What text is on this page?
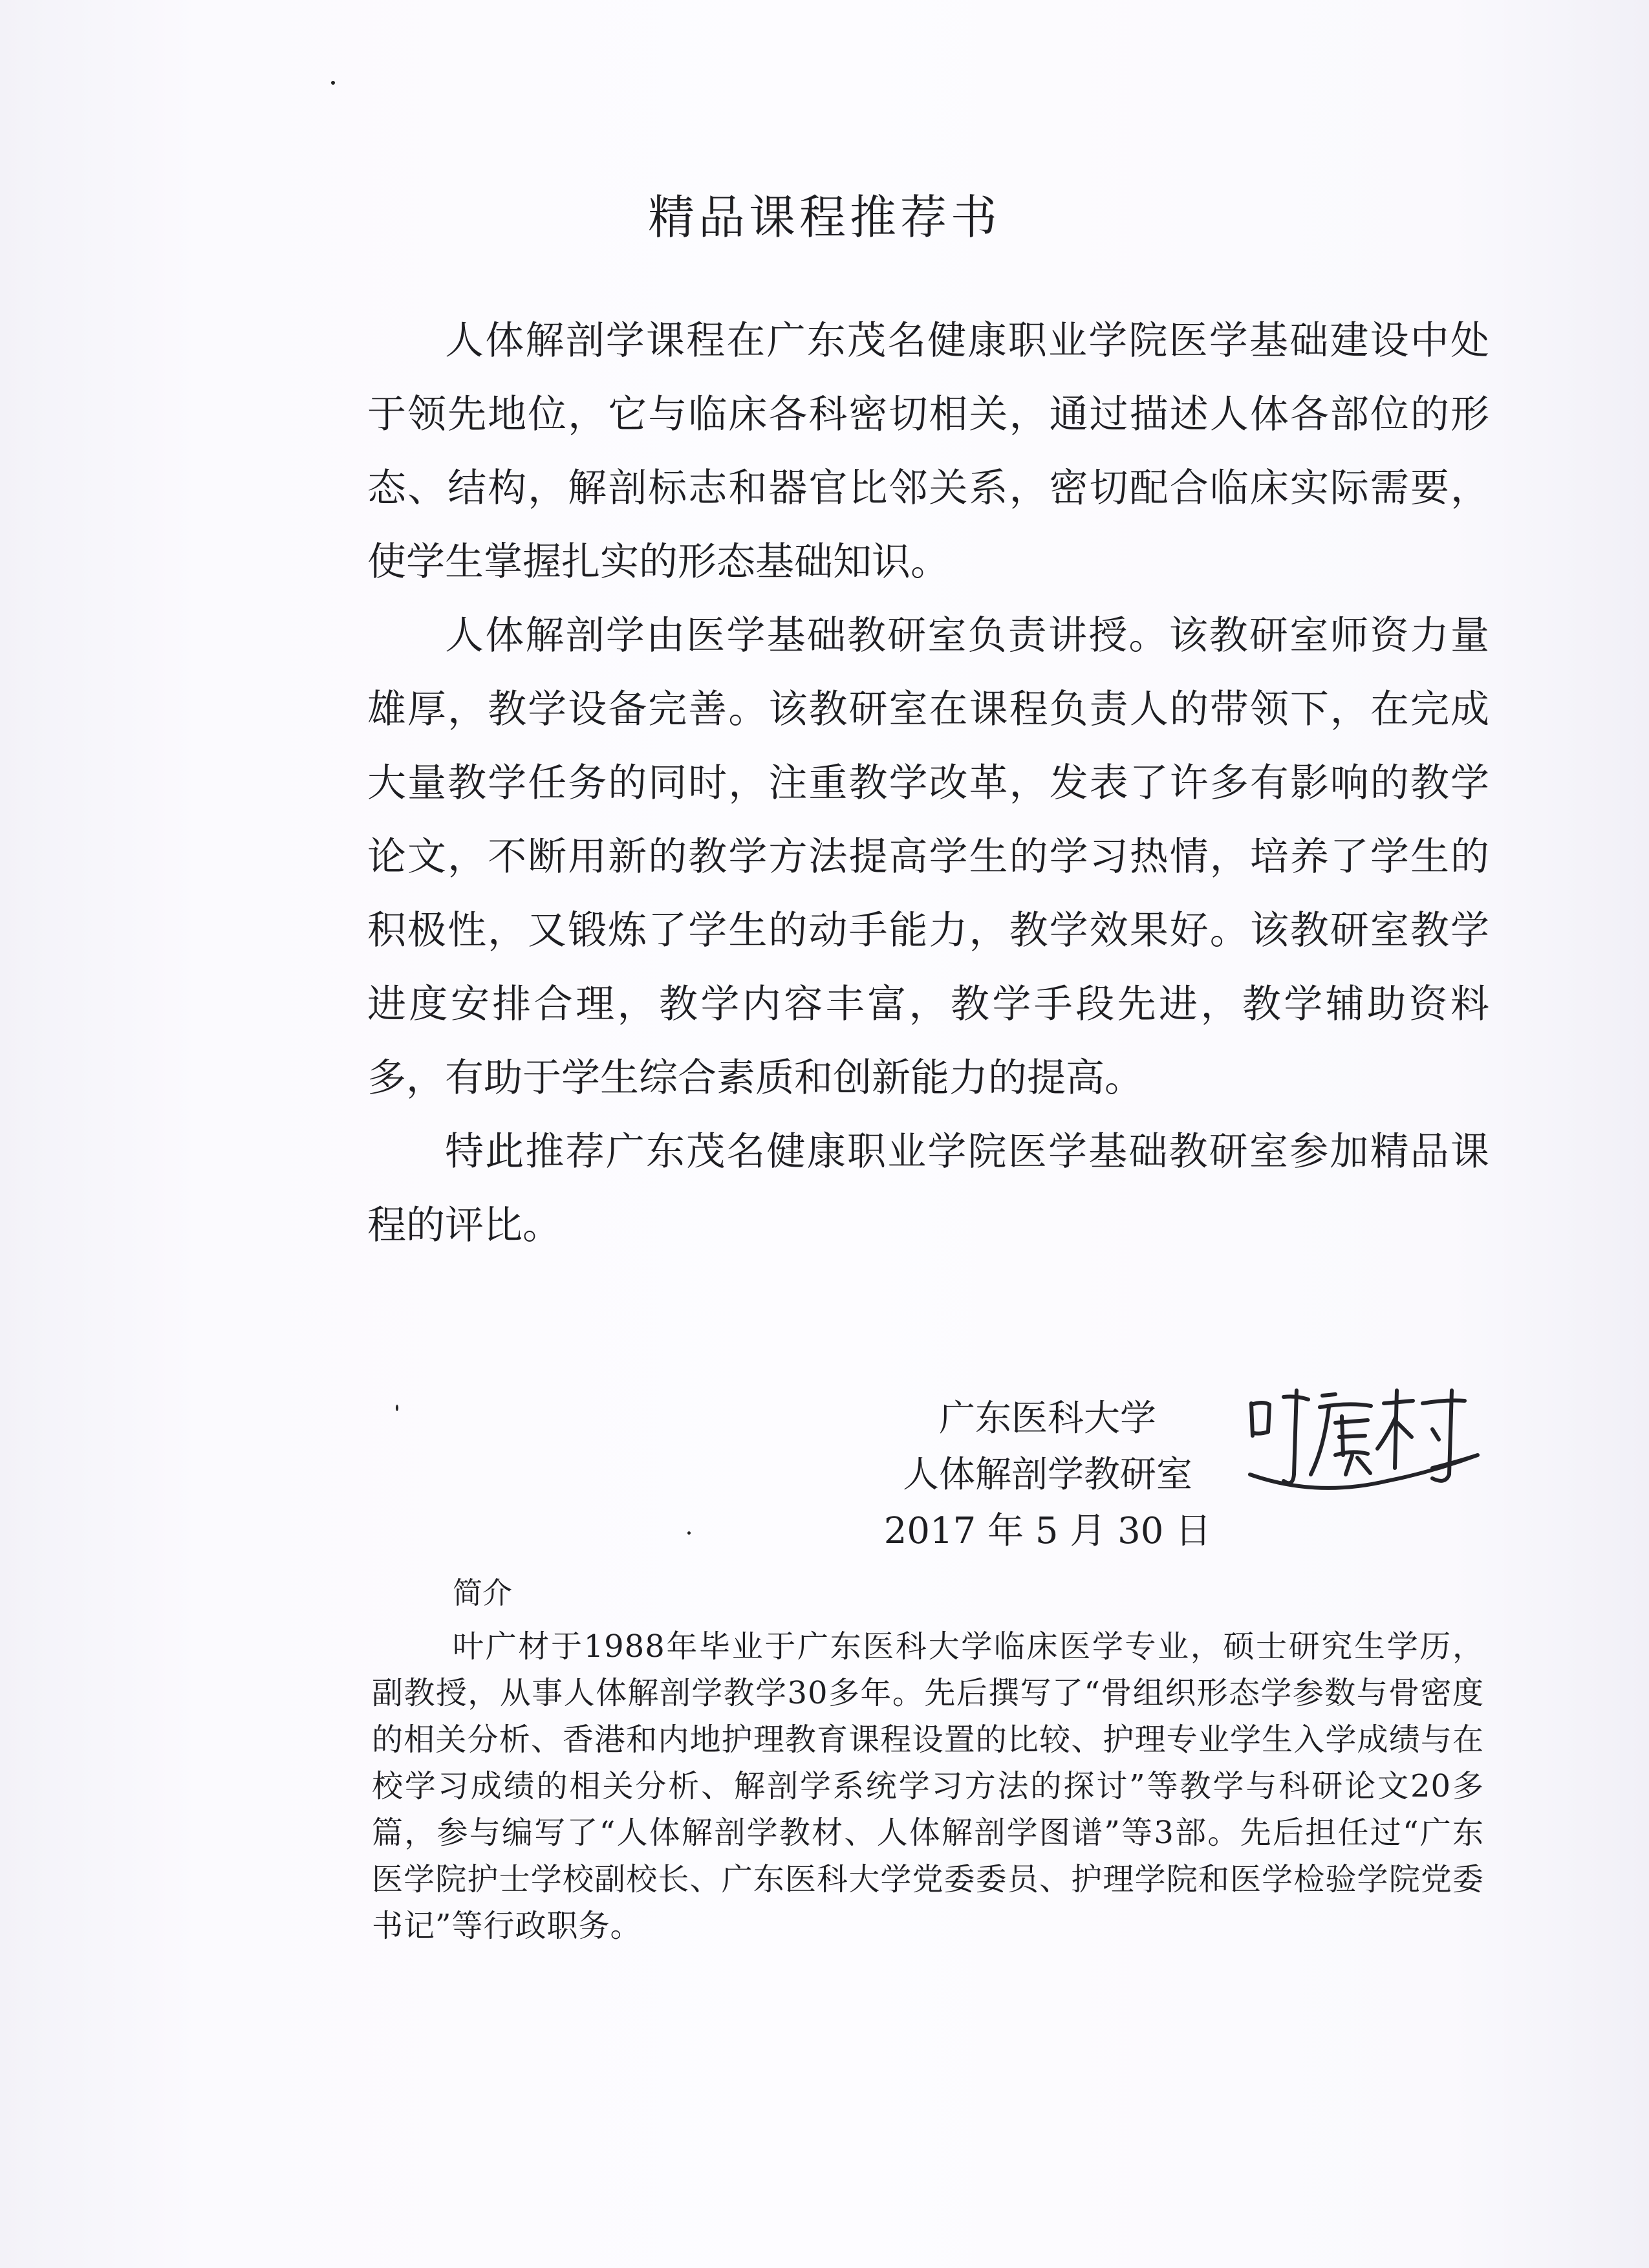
精品课程推荐书

人体解剖学课程在广东茂名健康职业学院医学基础建设中处于领先地位，它与临床各科密切相关，通过描述人体各部位的形态、结构，解剖标志和器官比邻关系，密切配合临床实际需要，使学生掌握扎实的形态基础知识。

人体解剖学由医学基础教研室负责讲授。该教研室师资力量雄厚，教学设备完善。该教研室在课程负责人的带领下，在完成大量教学任务的同时，注重教学改革，发表了许多有影响的教学论文，不断用新的教学方法提高学生的学习热情，培养了学生的积极性，又锻炼了学生的动手能力，教学效果好。该教研室教学进度安排合理，教学内容丰富，教学手段先进，教学辅助资料多，有助于学生综合素质和创新能力的提高。

特此推荐广东茂名健康职业学院医学基础教研室参加精品课程的评比。

广东医科大学
人体解剖学教研室
2017 年 5 月 30 日
简介
叶广材于1988年毕业于广东医科大学临床医学专业，硕士研究生学历，副教授，从事人体解剖学教学30多年。先后撰写了“骨组织形态学参数与骨密度的相关分析、香港和内地护理教育课程设置的比较、护理专业学生入学成绩与在校学习成绩的相关分析、解剖学系统学习方法的探讨”等教学与科研论文20多篇，参与编写了“人体解剖学教材、人体解剖学图谱”等3部。先后担任过“广东医学院护士学校副校长、广东医科大学党委委员、护理学院和医学检验学院党委书记”等行政职务。
